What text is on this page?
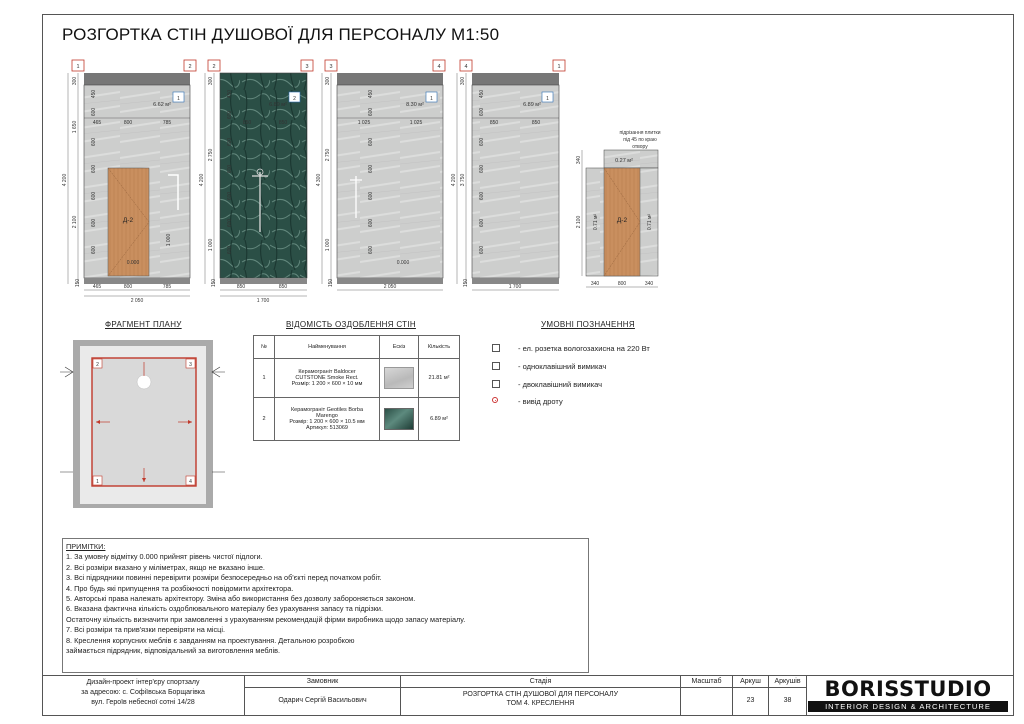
РОЗГОРТКА СТІН ДУШОВОЇ ДЛЯ ПЕРСОНАЛУ М1:50
1	2
Д-2
0.000
1
6.62 м²
465	800	785
465	800	785
2 050
4 200
1 650
2 100
300
450
600
600
600
600
600
600
150
1 000
2	3
2
6.89 м²
850	850
850	850
1 700
4 200
2 750
1 000
300
450
600
600
600
600
600
600
150
3	4
0.000
1
8.30 м²
1 025	1 025
2 050
4 300
2 750
1 000
300
450
600
600
600
600
600
600
150
4	1
1
6.89 м²
850	850
1 700
4 200 3 750
300
450
600
600
600
600
600
600
150
підрізання плитки
під 45 по краю
отвору
0.27 м²
Д-2
0.71 м²	0.71 м²
340
2 100
340	800	340
ФРАГМЕНТ ПЛАНУ
2	3
1	4
ВІДОМІСТЬ ОЗДОБЛЕННЯ СТІН
№	Найменування	Ескіз	Кількість
1	Керамограніт Baldocer
CUTSTONE Smoke Rect.
Розмір: 1 200 × 600 × 10 мм		21.81 м²
2	Керамограніт Geotiles Borba
Marengo
Розмір: 1 200 × 600 × 10.5 мм
Артикул: 513069		6.89 м²
УМОВНІ ПОЗНАЧЕННЯ
- ел. розетка вологозахисна на 220 Вт
- одноклавішний вимикач
- двоклавішний вимикач
- вивід дроту
ПРИМІТКИ:
1. За умовну відмітку 0.000 прийнят рівень чистої підлоги.
2. Всі розміри вказано у міліметрах, якщо не вказано інше.
3. Всі підрядники повинні перевірити розміри безпосередньо на об'єкті перед початком робіт.
4. Про будь які припущення та розбіжності повідомити архітектора.
5. Авторські права належать архітектору. Зміна або використання без дозволу забороняється законом.
6. Вказана фактична кількість оздоблювального матеріалу без урахування запасу та підрізки.
Остаточну кількість визначити при замовленні з урахуванням рекомендацій фірми виробника щодо запасу матеріалу.
7. Всі розміри та прив'язки перевіряти на місці.
8. Креслення корпусних меблів є завданням на проектування. Детальною розробкою
займається підрядник, відповідальний за виготовлення меблів.
Дизайн-проект інтер'єру спортзалу
за адресою: с. Софіївська Борщагівка
вул. Героїв небесної сотні 14/28
Замовник
Одарич Сергій Васильович
Стадія
РОЗГОРТКА СТІН ДУШОВОЇ ДЛЯ ПЕРСОНАЛУ
ТОМ 4. КРЕСЛЕННЯ
Масштаб	Аркуш
23
Аркушів
38	BORISSTUDIO
INTERIOR DESIGN & ARCHITECTURE
